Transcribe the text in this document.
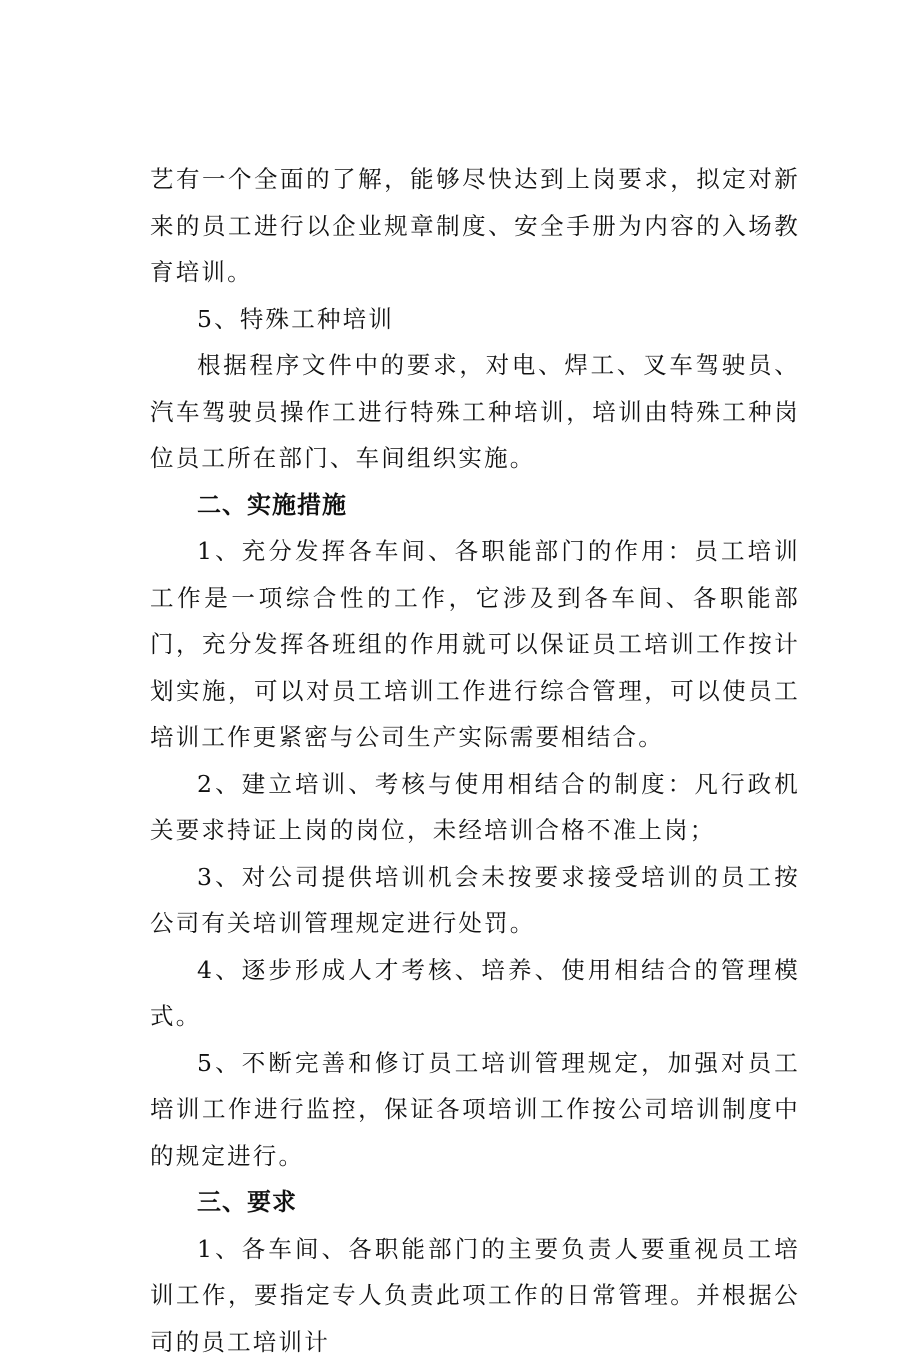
艺有一个全面的了解，能够尽快达到上岗要求，拟定对新来的员工进行以企业规章制度、安全手册为内容的入场教育培训。

5、特殊工种培训

根据程序文件中的要求，对电、焊工、叉车驾驶员、汽车驾驶员操作工进行特殊工种培训，培训由特殊工种岗位员工所在部门、车间组织实施。

二、实施措施

1、充分发挥各车间、各职能部门的作用：员工培训工作是一项综合性的工作，它涉及到各车间、各职能部门，充分发挥各班组的作用就可以保证员工培训工作按计划实施，可以对员工培训工作进行综合管理，可以使员工培训工作更紧密与公司生产实际需要相结合。

2、建立培训、考核与使用相结合的制度：凡行政机关要求持证上岗的岗位，未经培训合格不准上岗；

3、对公司提供培训机会未按要求接受培训的员工按公司有关培训管理规定进行处罚。

4、逐步形成人才考核、培养、使用相结合的管理模式。

5、不断完善和修订员工培训管理规定，加强对员工培训工作进行监控，保证各项培训工作按公司培训制度中的规定进行。

三、要求

1、各车间、各职能部门的主要负责人要重视员工培训工作，要指定专人负责此项工作的日常管理。并根据公司的员工培训计
